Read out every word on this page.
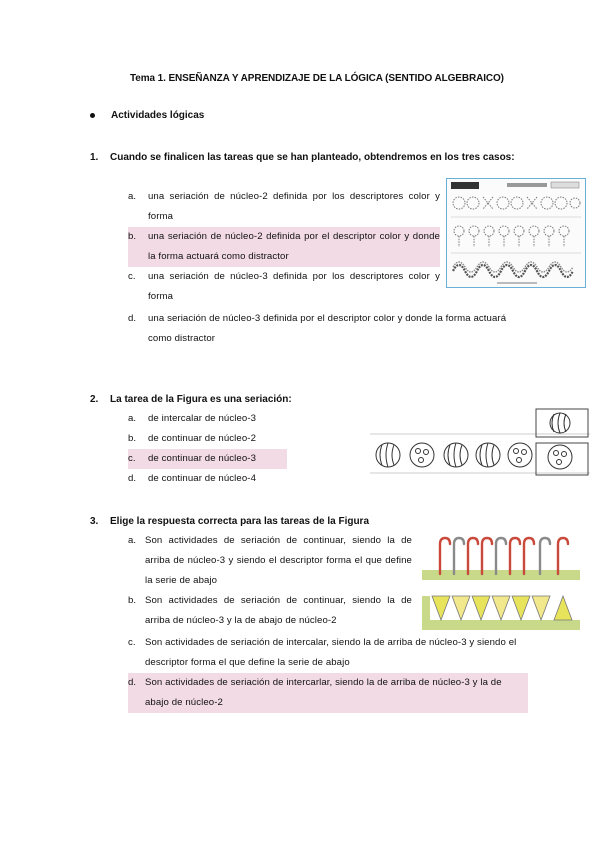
Tema 1. ENSEÑANZA Y APRENDIZAJE DE LA LÓGICA (SENTIDO ALGEBRAICO)
Actividades lógicas
1. Cuando se finalicen las tareas que se han planteado, obtendremos en los tres casos:
a.	una seriación de núcleo-2 definida por los descriptores color y forma
b.	una seriación de núcleo-2 definida por el descriptor color y donde la forma actuará como distractor
c.	una seriación de núcleo-3 definida por los descriptores color y forma
d.	una seriación de núcleo-3 definida por el descriptor color y donde la forma actuará como distractor
2. La tarea de la Figura es una seriación:
a. de intercalar de núcleo-3
b. de continuar de núcleo-2
c. de continuar de núcleo-3
d. de continuar de núcleo-4
3. Elige la respuesta correcta para las tareas de la Figura
a. Son actividades de seriación de continuar, siendo la de arriba de núcleo-3 y siendo el descriptor forma el que define la serie de abajo
b. Son actividades de seriación de continuar, siendo la de arriba de núcleo-3 y la de abajo de núcleo-2
c. Son actividades de seriación de intercalar, siendo la de arriba de núcleo-3 y siendo el descriptor forma el que define la serie de abajo
d. Son actividades de seriación de intercarlar, siendo la de arriba de núcleo-3 y la de abajo de núcleo-2
